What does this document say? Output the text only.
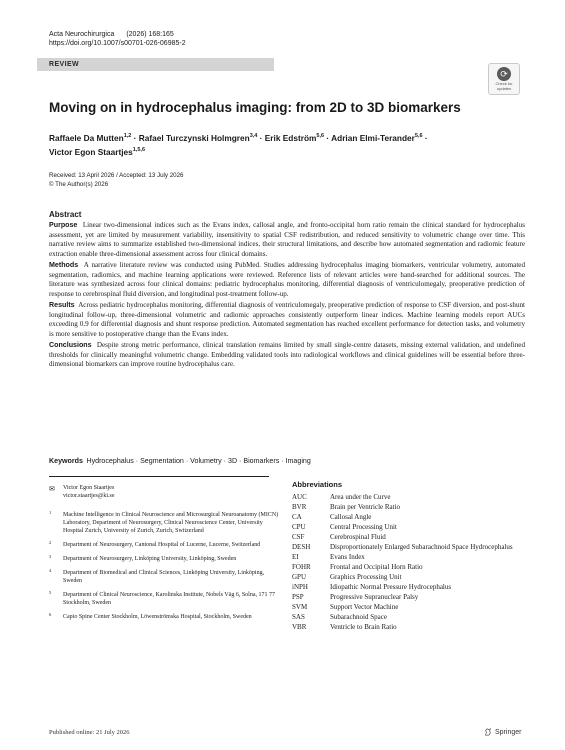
Acta Neurochirurgica (2026) 168:165
https://doi.org/10.1007/s00701-026-06985-2
REVIEW
⟳
Check for
updates
Moving on in hydrocephalus imaging: from 2D to 3D biomarkers
Raffaele Da Mutten$^{1,2}$ · Rafael Turczynski Holmgren$^{3,4}$ · Erik Edström$^{5,6}$ · Adrian Elmi-Terander$^{5,6}$ ·
Victor Egon Staartjes$^{1,5,6}$
Received: 13 April 2026 / Accepted: 13 July 2026
© The Author(s) 2026
Abstract

Purpose Linear two-dimensional indices such as the Evans index, callosal angle, and fronto-occipital horn ratio remain the clinical standard for hydrocephalus assessment, yet are limited by measurement variability, insensitivity to spatial CSF redistribution, and reduced sensitivity to volumetric change over time. This narrative review aims to summarize established two-dimensional indices, their structural limitations, and describe how automated segmentation and radiomic feature extraction enable three-dimensional assessment across four clinical domains.

Methods A narrative literature review was conducted using PubMed. Studies addressing hydrocephalus imaging biomarkers, ventricular volumetry, automated segmentation, radiomics, and machine learning applications were reviewed. Reference lists of relevant articles were hand-searched for additional sources. The literature was synthesized across four clinical domains: pediatric hydrocephalus monitoring, differential diagnosis of ventriculomegaly, preoperative prediction of response to cerebrospinal fluid diversion, and longitudinal post-treatment follow-up.

Results Across pediatric hydrocephalus monitoring, differential diagnosis of ventriculomegaly, preoperative prediction of response to CSF diversion, and post-shunt longitudinal follow-up, three-dimensional volumetric and radiomic approaches consistently outperform linear indices. Machine learning models report AUCs exceeding 0.9 for differential diagnosis and shunt response prediction. Automated segmentation has reached excellent performance for detection tasks, and volumetry is more sensitive to postoperative change than the Evans index.

Conclusions Despite strong metric performance, clinical translation remains limited by small single-centre datasets, missing external validation, and undefined thresholds for clinically meaningful volumetric change. Embedding validated tools into radiological workflows and clinical guidelines will be essential before three-dimensional biomarkers can improve routine hydrocephalus care.

Keywords Hydrocephalus · Segmentation · Volumetry · 3D · Biomarkers · Imaging
✉ Victor Egon Staartjes
victor.staartjes@ki.se
1 Machine Intelligence in Clinical Neuroscience and Microsurgical Neuroanatomy (MICN) Laboratory, Department of Neurosurgery, Clinical Neuroscience Center, University Hospital Zurich, University of Zurich, Zurich, Switzerland
2 Department of Neurosurgery, Cantonal Hospital of Lucerne, Lucerne, Switzerland
3 Department of Neurosurgery, Linköping University, Linköping, Sweden
4 Department of Biomedical and Clinical Sciences, Linköping University, Linköping, Sweden
5 Department of Clinical Neuroscience, Karolinska Institute, Nobels Väg 6, Solna, 171 77 Stockholm, Sweden
6 Capio Spine Center Stockholm, Löwenströmska Hospital, Stockholm, Sweden
Abbreviations
AUC	Area under the Curve
BVR	Brain per Ventricle Ratio
CA	Callosal Angle
CPU	Central Processing Unit
CSF	Cerebrospinal Fluid
DESH	Disproportionately Enlarged Subarachnoid Space Hydrocephalus
EI	Evans Index
FOHR	Frontal and Occipital Horn Ratio
GPU	Graphics Processing Unit
iNPH	Idiopathic Normal Pressure Hydrocephalus
PSP	Progressive Supranuclear Palsy
SVM	Support Vector Machine
SAS	Subarachnoid Space
VBR	Ventricle to Brain Ratio
Published online: 21 July 2026	Springer
